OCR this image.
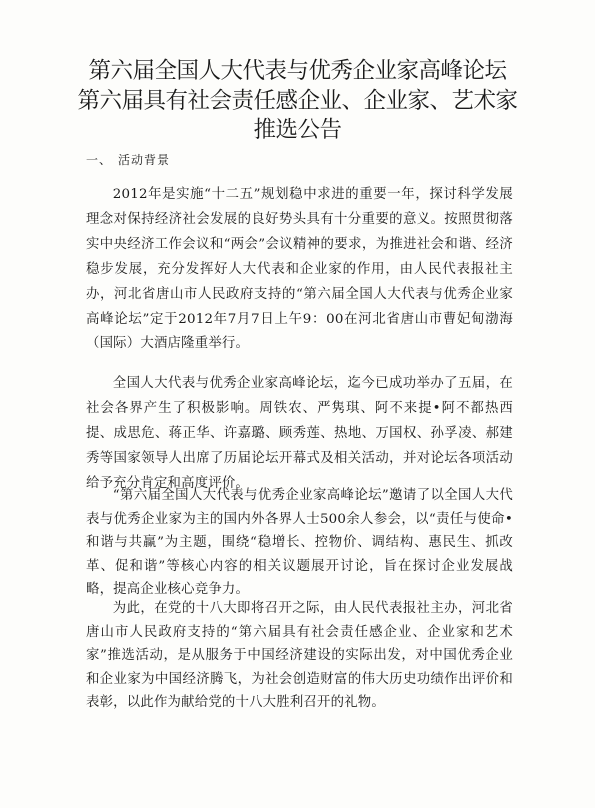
第六届全国人大代表与优秀企业家高峰论坛
第六届具有社会责任感企业、企业家、艺术家
推选公告
一、 活动背景

2012年是实施“十二五”规划稳中求进的重要一年，探讨科学发展理念对保持经济社会发展的良好势头具有十分重要的意义。按照贯彻落实中央经济工作会议和“两会”会议精神的要求，为推进社会和谐、经济稳步发展，充分发挥好人大代表和企业家的作用，由人民代表报社主办，河北省唐山市人民政府支持的“第六届全国人大代表与优秀企业家高峰论坛”定于2012年7月7日上午9：00在河北省唐山市曹妃甸渤海（国际）大酒店隆重举行。

全国人大代表与优秀企业家高峰论坛，迄今已成功举办了五届，在社会各界产生了积极影响。周铁农、严隽琪、阿不来提•阿不都热西提、成思危、蒋正华、许嘉璐、顾秀莲、热地、万国权、孙孚凌、郝建秀等国家领导人出席了历届论坛开幕式及相关活动，并对论坛各项活动给予充分肯定和高度评价。

“第六届全国人大代表与优秀企业家高峰论坛”邀请了以全国人大代表与优秀企业家为主的国内外各界人士500余人参会，以“责任与使命•和谐与共赢”为主题，围绕“稳增长、控物价、调结构、惠民生、抓改革、促和谐”等核心内容的相关议题展开讨论，旨在探讨企业发展战略，提高企业核心竞争力。

为此，在党的十八大即将召开之际，由人民代表报社主办，河北省唐山市人民政府支持的“第六届具有社会责任感企业、企业家和艺术家”推选活动，是从服务于中国经济建设的实际出发，对中国优秀企业和企业家为中国经济腾飞，为社会创造财富的伟大历史功绩作出评价和表彰，以此作为献给党的十八大胜利召开的礼物。
